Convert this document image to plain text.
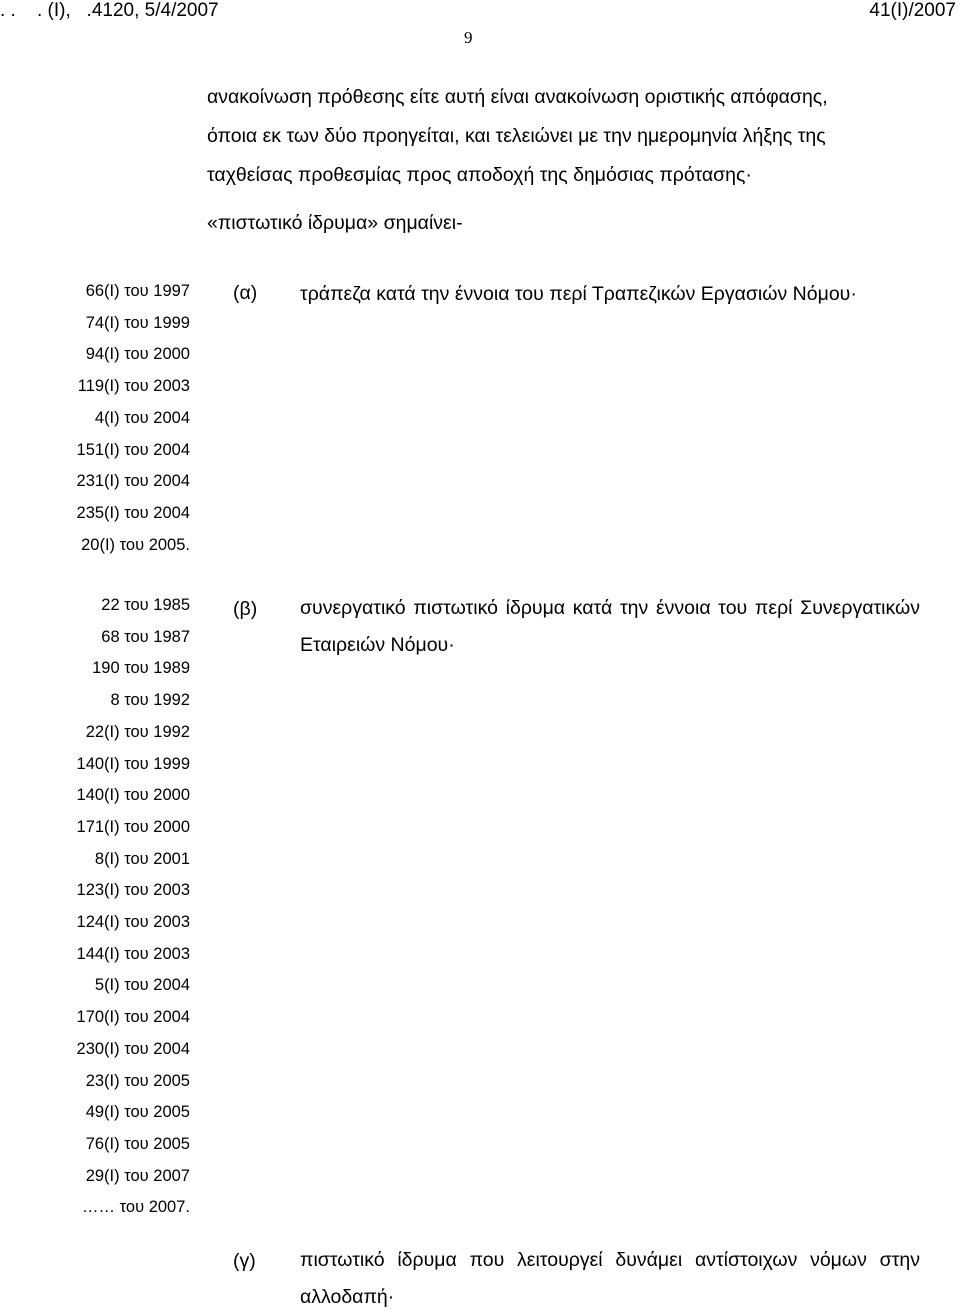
. .    . (Ι),   .4120, 5/4/2007	41(Ι)/2007
9

ανακοίνωση πρόθεσης είτε αυτή είναι ανακοίνωση οριστικής απόφασης,

όποια εκ των δύο προηγείται, και τελειώνει με την ημερομηνία λήξης της

ταχθείσας προθεσμίας προς αποδοχή της δημόσιας πρότασης·

«πιστωτικό ίδρυμα» σημαίνει-
66(Ι) του 1997
74(Ι) του 1999
94(Ι) του 2000
119(Ι) του 2003
4(Ι) του 2004
151(Ι) του 2004
231(Ι) του 2004
235(Ι) του 2004
20(Ι) του 2005.
(α) τράπεζα κατά την έννοια του περί Τραπεζικών Εργασιών Νόμου·
22 του 1985
68 του 1987
190 του 1989
8 του 1992
22(Ι) του 1992
140(Ι) του 1999
140(Ι) του 2000
171(Ι) του 2000
8(Ι) του 2001
123(Ι) του 2003
124(Ι) του 2003
144(Ι) του 2003
5(Ι) του 2004
170(Ι) του 2004
230(Ι) του 2004
23(Ι) του 2005
49(Ι) του 2005
76(Ι) του 2005
29(Ι) του 2007
…… του 2007.
(β) συνεργατικό πιστωτικό ίδρυμα κατά την έννοια του περί Συνεργατικών Εταιρειών Νόμου·
(γ) πιστωτικό ίδρυμα που λειτουργεί δυνάμει αντίστοιχων νόμων στην αλλοδαπή·
